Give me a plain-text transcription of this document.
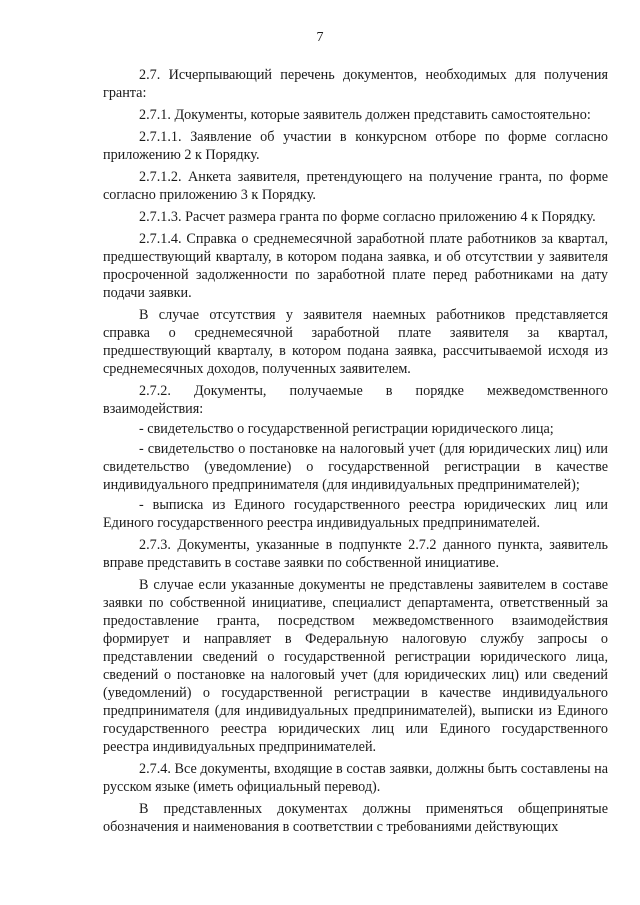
7

2.7. Исчерпывающий перечень документов, необходимых для получения гранта:

2.7.1. Документы, которые заявитель должен представить самостоятельно:

2.7.1.1. Заявление об участии в конкурсном отборе по форме согласно приложению 2 к Порядку.

2.7.1.2. Анкета заявителя, претендующего на получение гранта, по форме согласно приложению 3 к Порядку.

2.7.1.3. Расчет размера гранта по форме согласно приложению 4 к Порядку.

2.7.1.4. Справка о среднемесячной заработной плате работников за квартал, предшествующий кварталу, в котором подана заявка, и об отсутствии у заявителя просроченной задолженности по заработной плате перед работниками на дату подачи заявки.

В случае отсутствия у заявителя наемных работников представляется справка о среднемесячной заработной плате заявителя за квартал, предшествующий кварталу, в котором подана заявка, рассчитываемой исходя из среднемесячных доходов, полученных заявителем.

2.7.2. Документы, получаемые в порядке межведомственного взаимодействия:

- свидетельство о государственной регистрации юридического лица;

- свидетельство о постановке на налоговый учет (для юридических лиц) или свидетельство (уведомление) о государственной регистрации в качестве индивидуального предпринимателя (для индивидуальных предпринимателей);

- выписка из Единого государственного реестра юридических лиц или Единого государственного реестра индивидуальных предпринимателей.

2.7.3. Документы, указанные в подпункте 2.7.2 данного пункта, заявитель вправе представить в составе заявки по собственной инициативе.

В случае если указанные документы не представлены заявителем в составе заявки по собственной инициативе, специалист департамента, ответственный за предоставление гранта, посредством межведомственного взаимодействия формирует и направляет в Федеральную налоговую службу запросы о представлении сведений о государственной регистрации юридического лица, сведений о постановке на налоговый учет (для юридических лиц) или сведений (уведомлений) о государственной регистрации в качестве индивидуального предпринимателя (для индивидуальных предпринимателей), выписки из Единого государственного реестра юридических лиц или Единого государственного реестра индивидуальных предпринимателей.

2.7.4. Все документы, входящие в состав заявки, должны быть составлены на русском языке (иметь официальный перевод).

В представленных документах должны применяться общепринятые обозначения и наименования в соответствии с требованиями действующих
